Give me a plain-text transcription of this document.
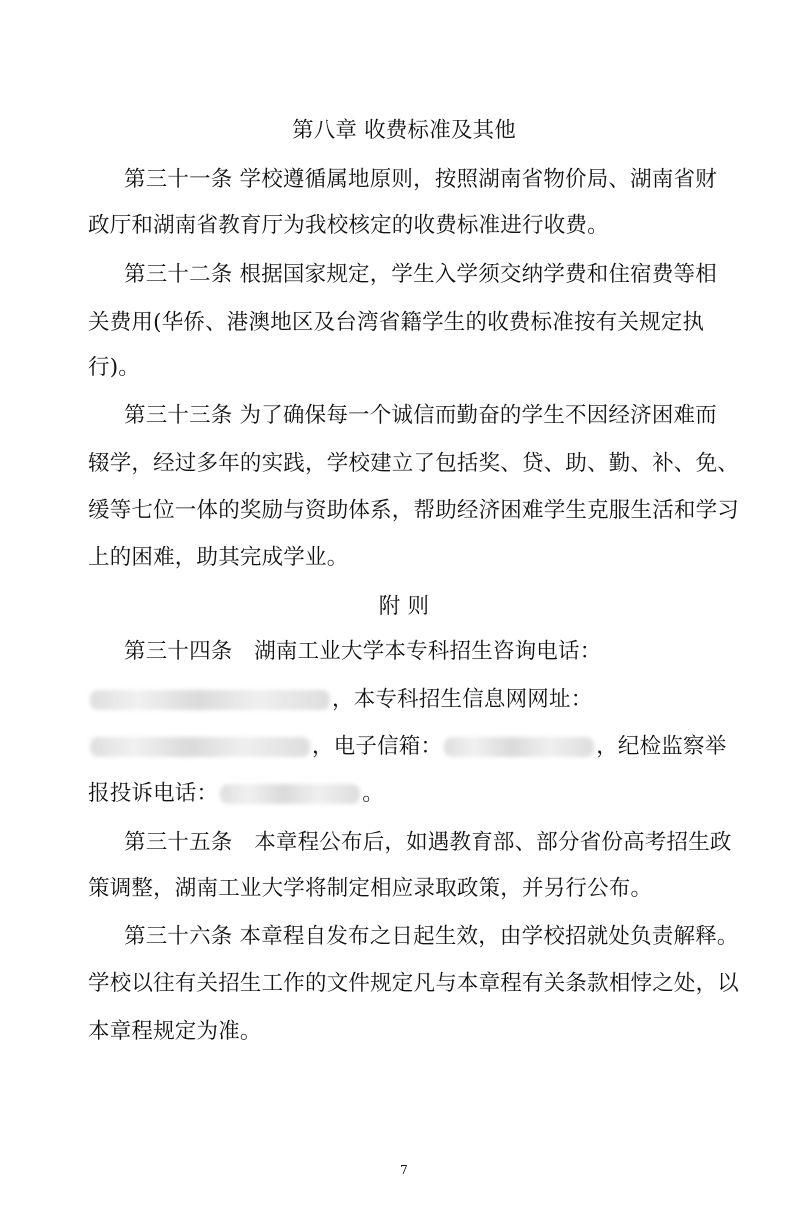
第八章 收费标准及其他
第三十一条 学校遵循属地原则，按照湖南省物价局、湖南省财
政厅和湖南省教育厅为我校核定的收费标准进行收费。
第三十二条 根据国家规定，学生入学须交纳学费和住宿费等相
关费用(华侨、港澳地区及台湾省籍学生的收费标准按有关规定执
行)。
第三十三条 为了确保每一个诚信而勤奋的学生不因经济困难而
辍学，经过多年的实践，学校建立了包括奖、贷、助、勤、补、免、
缓等七位一体的奖励与资助体系，帮助经济困难学生克服生活和学习
上的困难，助其完成学业。
附 则
第三十四条　湖南工业大学本专科招生咨询电话：
，本专科招生信息网网址：
，电子信箱：	，纪检监察举
报投诉电话：	。
第三十五条　本章程公布后，如遇教育部、部分省份高考招生政
策调整，湖南工业大学将制定相应录取政策，并另行公布。
第三十六条 本章程自发布之日起生效，由学校招就处负责解释。
学校以往有关招生工作的文件规定凡与本章程有关条款相悖之处，以
本章程规定为准。
7
